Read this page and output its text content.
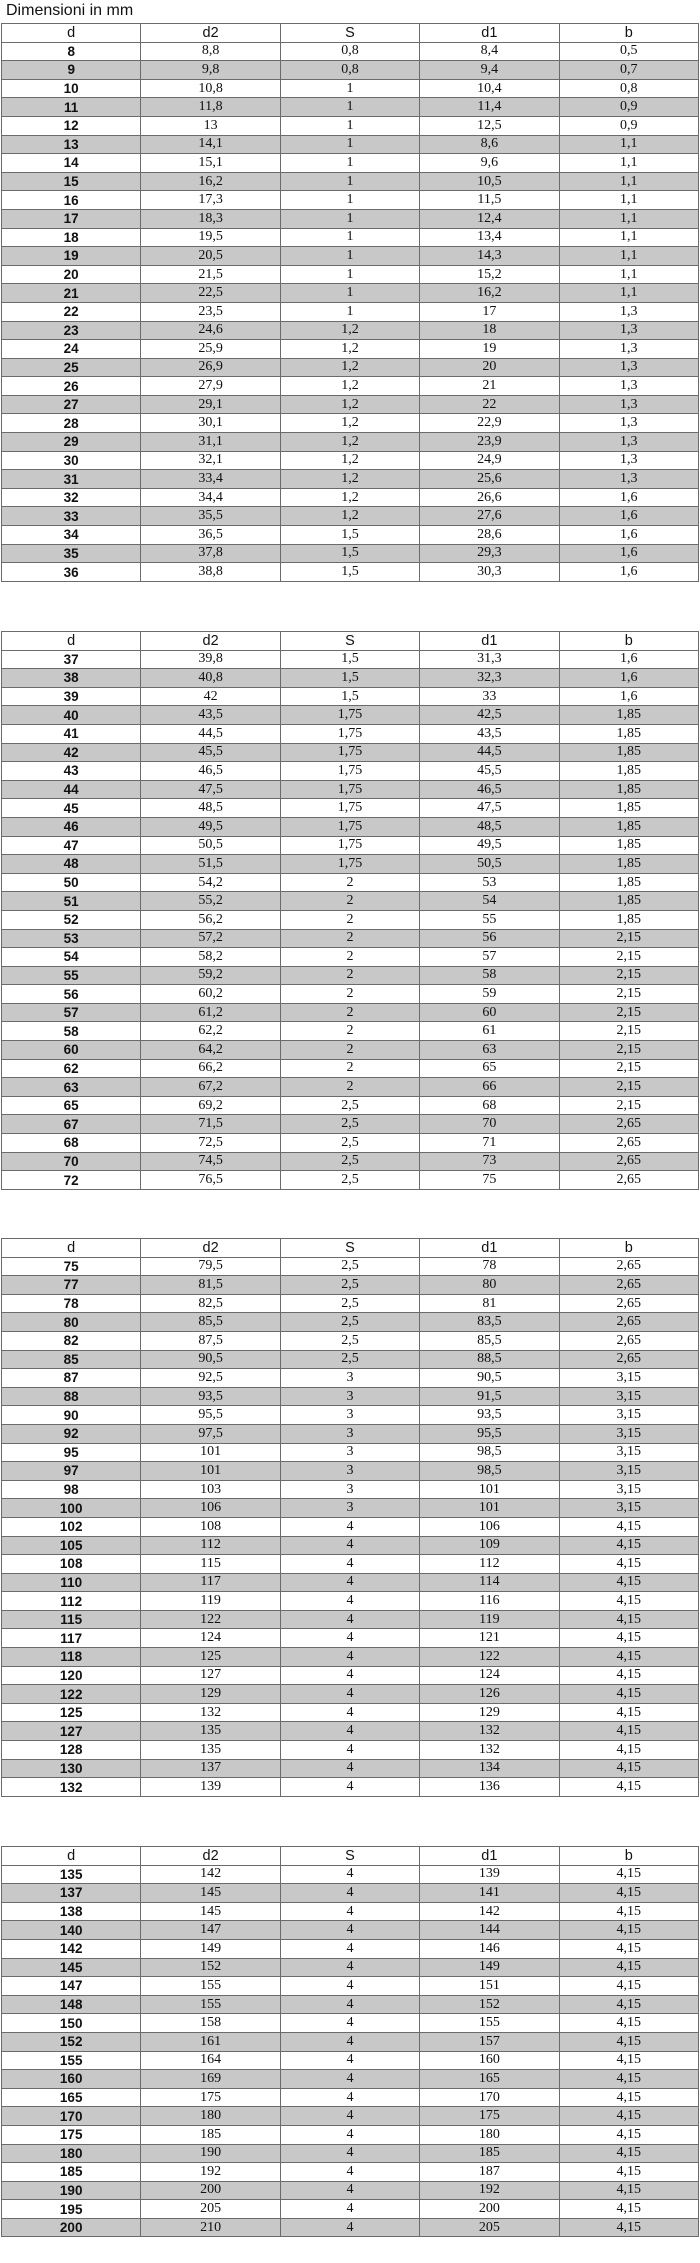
Dimensioni in mm
d	d2	S	d1	b
8	8,8	0,8	8,4	0,5
9	9,8	0,8	9,4	0,7
10	10,8	1	10,4	0,8
11	11,8	1	11,4	0,9
12	13	1	12,5	0,9
13	14,1	1	8,6	1,1
14	15,1	1	9,6	1,1
15	16,2	1	10,5	1,1
16	17,3	1	11,5	1,1
17	18,3	1	12,4	1,1
18	19,5	1	13,4	1,1
19	20,5	1	14,3	1,1
20	21,5	1	15,2	1,1
21	22,5	1	16,2	1,1
22	23,5	1	17	1,3
23	24,6	1,2	18	1,3
24	25,9	1,2	19	1,3
25	26,9	1,2	20	1,3
26	27,9	1,2	21	1,3
27	29,1	1,2	22	1,3
28	30,1	1,2	22,9	1,3
29	31,1	1,2	23,9	1,3
30	32,1	1,2	24,9	1,3
31	33,4	1,2	25,6	1,3
32	34,4	1,2	26,6	1,6
33	35,5	1,2	27,6	1,6
34	36,5	1,5	28,6	1,6
35	37,8	1,5	29,3	1,6
36	38,8	1,5	30,3	1,6
d	d2	S	d1	b
37	39,8	1,5	31,3	1,6
38	40,8	1,5	32,3	1,6
39	42	1,5	33	1,6
40	43,5	1,75	42,5	1,85
41	44,5	1,75	43,5	1,85
42	45,5	1,75	44,5	1,85
43	46,5	1,75	45,5	1,85
44	47,5	1,75	46,5	1,85
45	48,5	1,75	47,5	1,85
46	49,5	1,75	48,5	1,85
47	50,5	1,75	49,5	1,85
48	51,5	1,75	50,5	1,85
50	54,2	2	53	1,85
51	55,2	2	54	1,85
52	56,2	2	55	1,85
53	57,2	2	56	2,15
54	58,2	2	57	2,15
55	59,2	2	58	2,15
56	60,2	2	59	2,15
57	61,2	2	60	2,15
58	62,2	2	61	2,15
60	64,2	2	63	2,15
62	66,2	2	65	2,15
63	67,2	2	66	2,15
65	69,2	2,5	68	2,15
67	71,5	2,5	70	2,65
68	72,5	2,5	71	2,65
70	74,5	2,5	73	2,65
72	76,5	2,5	75	2,65
d	d2	S	d1	b
75	79,5	2,5	78	2,65
77	81,5	2,5	80	2,65
78	82,5	2,5	81	2,65
80	85,5	2,5	83,5	2,65
82	87,5	2,5	85,5	2,65
85	90,5	2,5	88,5	2,65
87	92,5	3	90,5	3,15
88	93,5	3	91,5	3,15
90	95,5	3	93,5	3,15
92	97,5	3	95,5	3,15
95	101	3	98,5	3,15
97	101	3	98,5	3,15
98	103	3	101	3,15
100	106	3	101	3,15
102	108	4	106	4,15
105	112	4	109	4,15
108	115	4	112	4,15
110	117	4	114	4,15
112	119	4	116	4,15
115	122	4	119	4,15
117	124	4	121	4,15
118	125	4	122	4,15
120	127	4	124	4,15
122	129	4	126	4,15
125	132	4	129	4,15
127	135	4	132	4,15
128	135	4	132	4,15
130	137	4	134	4,15
132	139	4	136	4,15
d	d2	S	d1	b
135	142	4	139	4,15
137	145	4	141	4,15
138	145	4	142	4,15
140	147	4	144	4,15
142	149	4	146	4,15
145	152	4	149	4,15
147	155	4	151	4,15
148	155	4	152	4,15
150	158	4	155	4,15
152	161	4	157	4,15
155	164	4	160	4,15
160	169	4	165	4,15
165	175	4	170	4,15
170	180	4	175	4,15
175	185	4	180	4,15
180	190	4	185	4,15
185	192	4	187	4,15
190	200	4	192	4,15
195	205	4	200	4,15
200	210	4	205	4,15
